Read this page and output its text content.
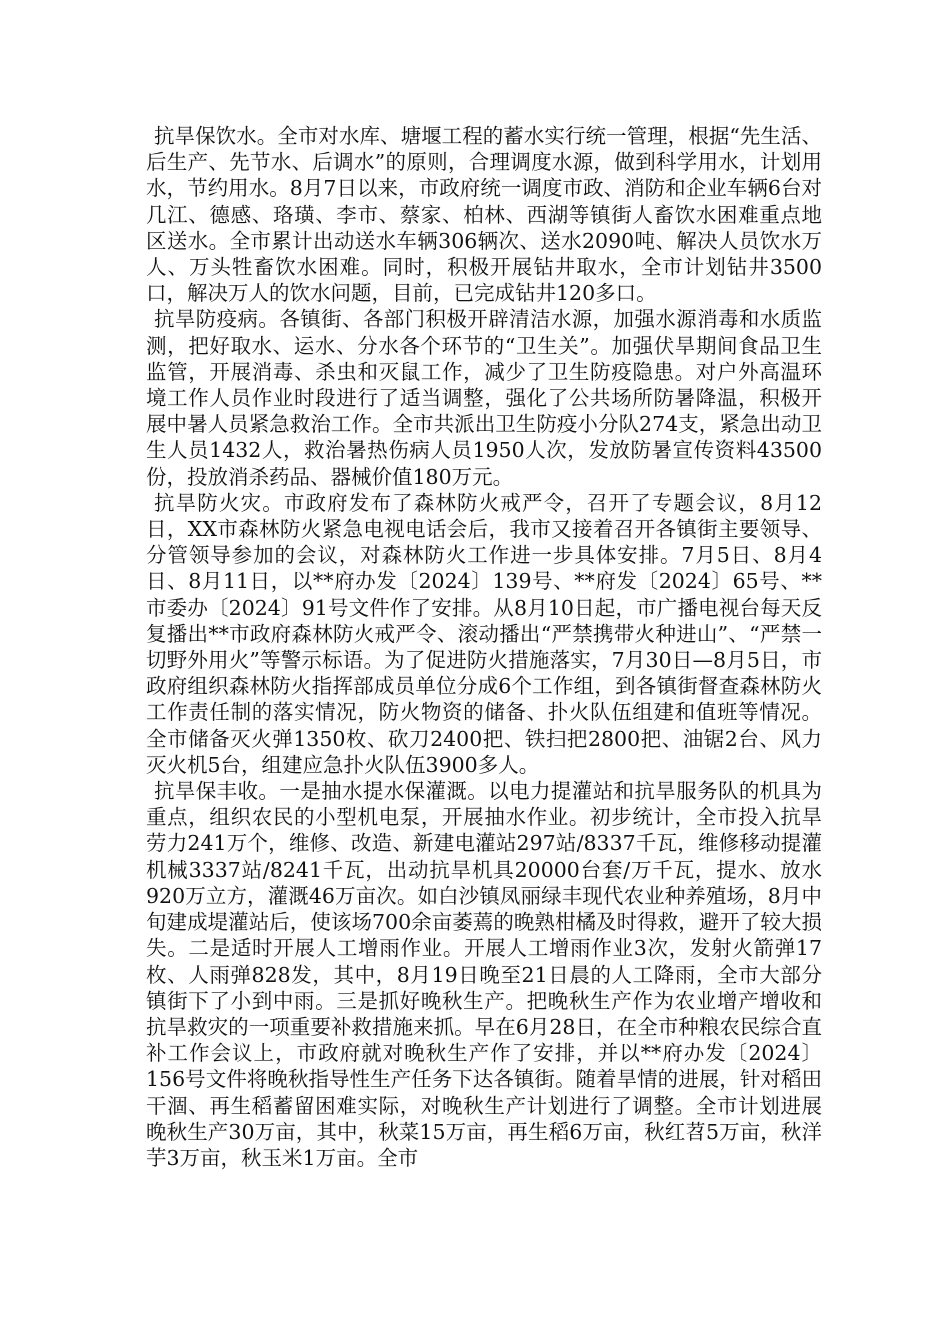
抗旱保饮水。全市对水库、塘堰工程的蓄水实行统一管理，根据“先生活、后生产、先节水、后调水”的原则，合理调度水源，做到科学用水，计划用水，节约用水。8月7日以来，市政府统一调度市政、消防和企业车辆6台对几江、德感、珞璜、李市、蔡家、柏林、西湖等镇街人畜饮水困难重点地区送水。全市累计出动送水车辆306辆次、送水2090吨、解决人员饮水万人、万头牲畜饮水困难。同时，积极开展钻井取水，全市计划钻井3500口，解决万人的饮水问题，目前，已完成钻井120多口。

抗旱防疫病。各镇街、各部门积极开辟清洁水源，加强水源消毒和水质监测，把好取水、运水、分水各个环节的“卫生关”。加强伏旱期间食品卫生监管，开展消毒、杀虫和灭鼠工作，减少了卫生防疫隐患。对户外高温环境工作人员作业时段进行了适当调整，强化了公共场所防暑降温，积极开展中暑人员紧急救治工作。全市共派出卫生防疫小分队274支，紧急出动卫生人员1432人，救治暑热伤病人员1950人次，发放防暑宣传资料43500份，投放消杀药品、器械价值180万元。

抗旱防火灾。市政府发布了森林防火戒严令，召开了专题会议，8月12日，XX市森林防火紧急电视电话会后，我市又接着召开各镇街主要领导、分管领导参加的会议，对森林防火工作进一步具体安排。7月5日、8月4日、8月11日，以**府办发〔2024〕139号、**府发〔2024〕65号、**市委办〔2024〕91号文件作了安排。从8月10日起，市广播电视台每天反复播出**市政府森林防火戒严令、滚动播出“严禁携带火种进山”、“严禁一切野外用火”等警示标语。为了促进防火措施落实，7月30日—8月5日，市政府组织森林防火指挥部成员单位分成6个工作组，到各镇街督查森林防火工作责任制的落实情况，防火物资的储备、扑火队伍组建和值班等情况。全市储备灭火弹1350枚、砍刀2400把、铁扫把2800把、油锯2台、风力灭火机5台，组建应急扑火队伍3900多人。

抗旱保丰收。一是抽水提水保灌溉。以电力提灌站和抗旱服务队的机具为重点，组织农民的小型机电泵，开展抽水作业。初步统计，全市投入抗旱劳力241万个，维修、改造、新建电灌站297站/8337千瓦，维修移动提灌机械3337站/8241千瓦，出动抗旱机具20000台套/万千瓦，提水、放水920万立方，灌溉46万亩次。如白沙镇凤丽绿丰现代农业种养殖场，8月中旬建成堤灌站后，使该场700余亩萎蔫的晚熟柑橘及时得救，避开了较大损失。二是适时开展人工增雨作业。开展人工增雨作业3次，发射火箭弹17枚、人雨弹828发，其中，8月19日晚至21日晨的人工降雨，全市大部分镇街下了小到中雨。三是抓好晚秋生产。把晚秋生产作为农业增产增收和抗旱救灾的一项重要补救措施来抓。早在6月28日，在全市种粮农民综合直补工作会议上，市政府就对晚秋生产作了安排，并以**府办发〔2024〕156号文件将晚秋指导性生产任务下达各镇街。随着旱情的进展，针对稻田干涸、再生稻蓄留困难实际，对晚秋生产计划进行了调整。全市计划进展晚秋生产30万亩，其中，秋菜15万亩，再生稻6万亩，秋红苕5万亩，秋洋芋3万亩，秋玉米1万亩。全市
